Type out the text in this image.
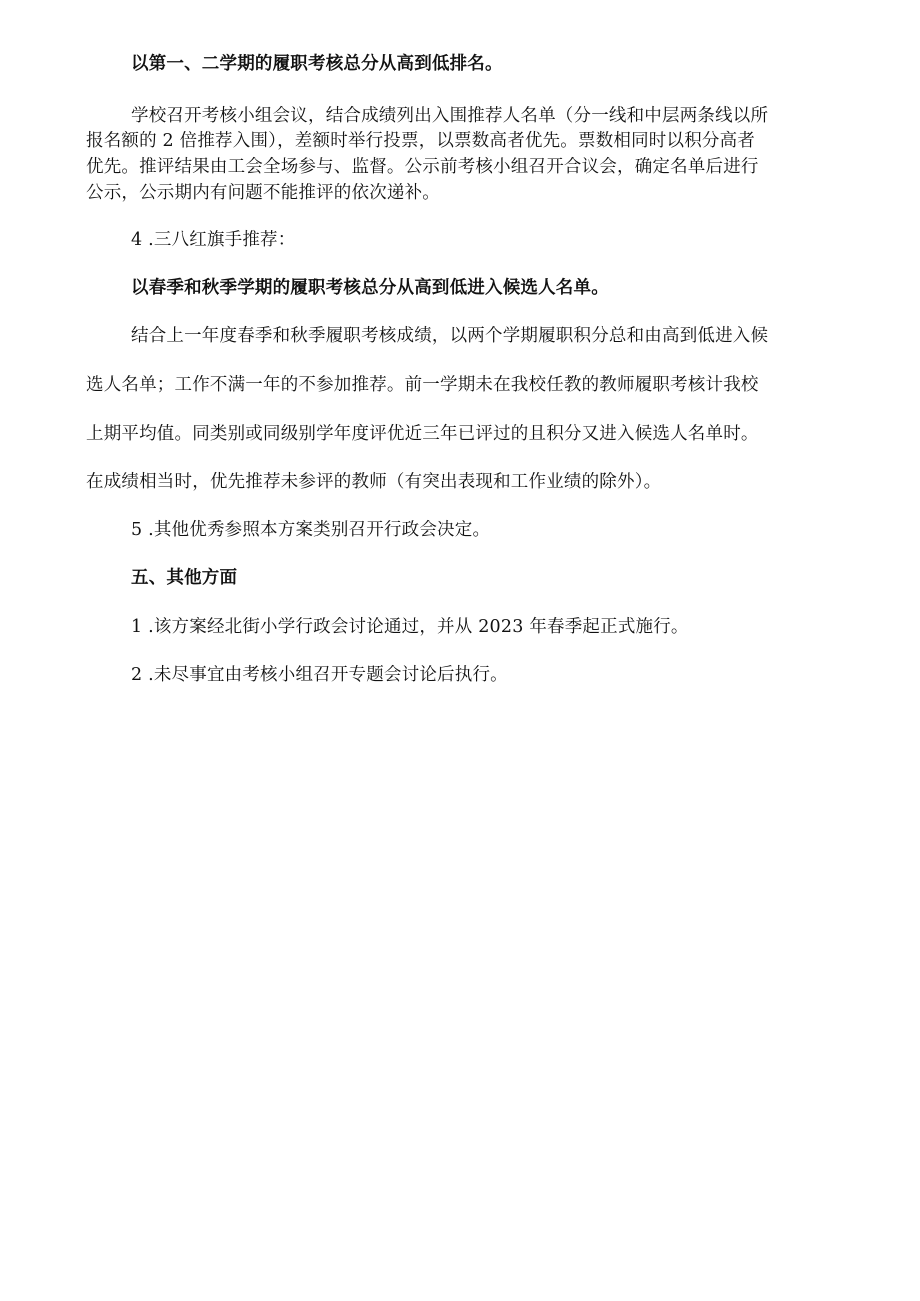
以第一、二学期的履职考核总分从高到低排名。
学校召开考核小组会议，结合成绩列出入围推荐人名单（分一线和中层两条线以所
报名额的 2 倍推荐入围），差额时举行投票，以票数高者优先。票数相同时以积分高者
优先。推评结果由工会全场参与、监督。公示前考核小组召开合议会，确定名单后进行
公示，公示期内有问题不能推评的依次递补。
4 .三八红旗手推荐：
以春季和秋季学期的履职考核总分从高到低进入候选人名单。
结合上一年度春季和秋季履职考核成绩，以两个学期履职积分总和由高到低进入候
选人名单；工作不满一年的不参加推荐。前一学期未在我校任教的教师履职考核计我校
上期平均值。同类别或同级别学年度评优近三年已评过的且积分又进入候选人名单时。
在成绩相当时，优先推荐未参评的教师（有突出表现和工作业绩的除外）。
5 .其他优秀参照本方案类别召开行政会决定。
五、其他方面
1 .该方案经北街小学行政会讨论通过，并从 2023 年春季起正式施行。
2 .未尽事宜由考核小组召开专题会讨论后执行。
